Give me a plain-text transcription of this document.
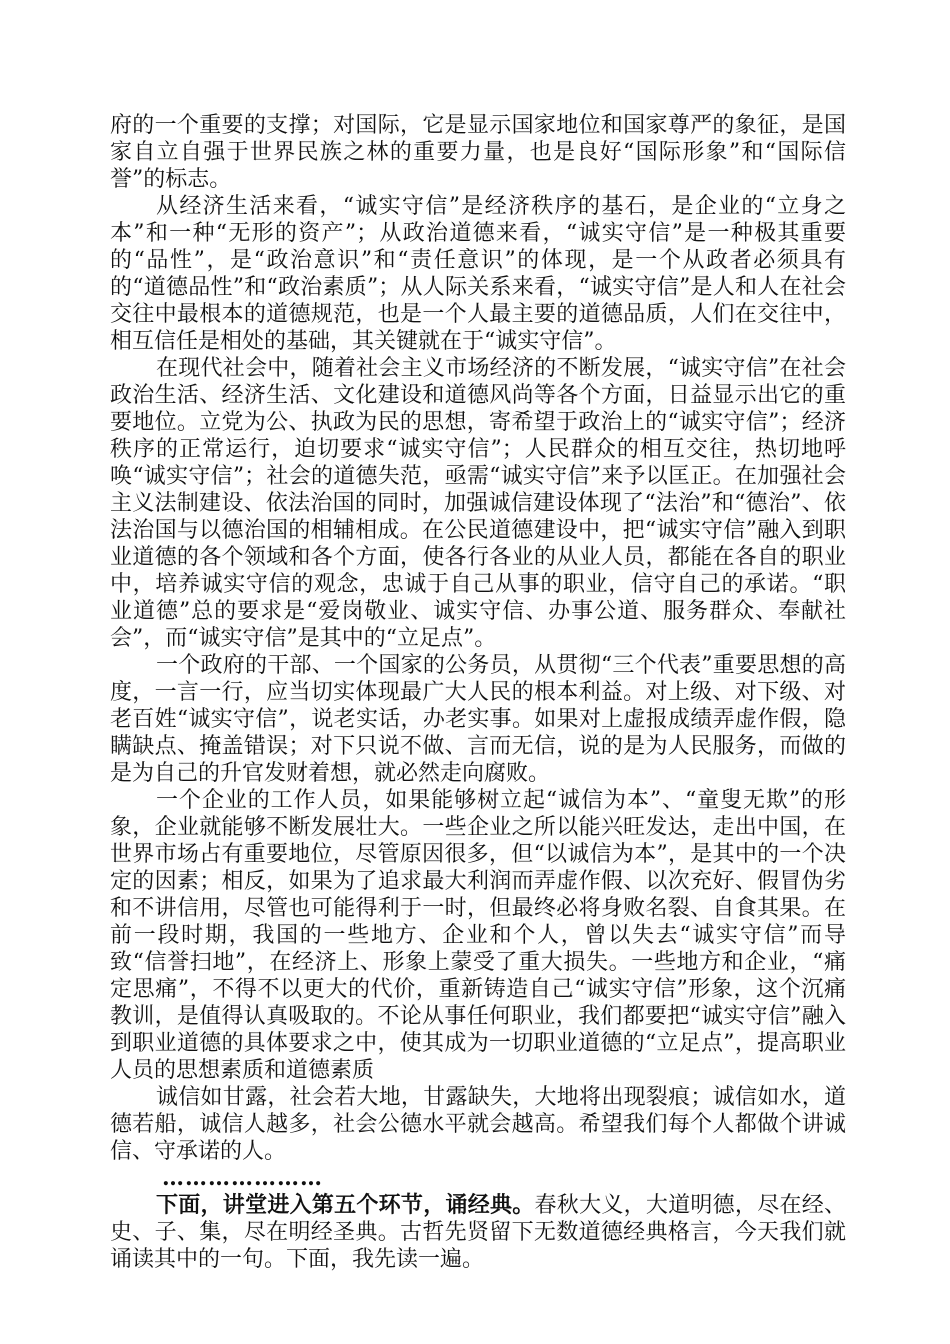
府的一个重要的支撑；对国际，它是显示国家地位和国家尊严的象征，是国家自立自强于世界民族之林的重要力量，也是良好“国际形象”和“国际信誉”的标志。

从经济生活来看，“诚实守信”是经济秩序的基石，是企业的“立身之本”和一种“无形的资产”；从政治道德来看，“诚实守信”是一种极其重要的“品性”，是“政治意识”和“责任意识”的体现，是一个从政者必须具有的“道德品性”和“政治素质”；从人际关系来看，“诚实守信”是人和人在社会交往中最根本的道德规范，也是一个人最主要的道德品质，人们在交往中，相互信任是相处的基础，其关键就在于“诚实守信”。

在现代社会中，随着社会主义市场经济的不断发展，“诚实守信”在社会政治生活、经济生活、文化建设和道德风尚等各个方面，日益显示出它的重要地位。立党为公、执政为民的思想，寄希望于政治上的“诚实守信”；经济秩序的正常运行，迫切要求“诚实守信”；人民群众的相互交往，热切地呼唤“诚实守信”；社会的道德失范，亟需“诚实守信”来予以匡正。在加强社会主义法制建设、依法治国的同时，加强诚信建设体现了“法治”和“德治”、依法治国与以德治国的相辅相成。在公民道德建设中，把“诚实守信”融入到职业道德的各个领域和各个方面，使各行各业的从业人员，都能在各自的职业中，培养诚实守信的观念，忠诚于自己从事的职业，信守自己的承诺。“职业道德”总的要求是“爱岗敬业、诚实守信、办事公道、服务群众、奉献社会”，而“诚实守信”是其中的“立足点”。

一个政府的干部、一个国家的公务员，从贯彻“三个代表”重要思想的高度，一言一行，应当切实体现最广大人民的根本利益。对上级、对下级、对老百姓“诚实守信”，说老实话，办老实事。如果对上虚报成绩弄虚作假，隐瞒缺点、掩盖错误；对下只说不做、言而无信，说的是为人民服务，而做的是为自己的升官发财着想，就必然走向腐败。

一个企业的工作人员，如果能够树立起“诚信为本”、“童叟无欺”的形象，企业就能够不断发展壮大。一些企业之所以能兴旺发达，走出中国，在世界市场占有重要地位，尽管原因很多，但“以诚信为本”，是其中的一个决定的因素；相反，如果为了追求最大利润而弄虚作假、以次充好、假冒伪劣和不讲信用，尽管也可能得利于一时，但最终必将身败名裂、自食其果。在前一段时期，我国的一些地方、企业和个人，曾以失去“诚实守信”而导致“信誉扫地”，在经济上、形象上蒙受了重大损失。一些地方和企业，“痛定思痛”，不得不以更大的代价，重新铸造自己“诚实守信”形象，这个沉痛教训，是值得认真吸取的。不论从事任何职业，我们都要把“诚实守信”融入到职业道德的具体要求之中，使其成为一切职业道德的“立足点”，提高职业人员的思想素质和道德素质

诚信如甘露，社会若大地，甘露缺失，大地将出现裂痕；诚信如水，道德若船，诚信人越多，社会公德水平就会越高。希望我们每个人都做个讲诚信、守承诺的人。

…………………

下面，讲堂进入第五个环节，诵经典。春秋大义，大道明德，尽在经、史、子、集，尽在明经圣典。古哲先贤留下无数道德经典格言，今天我们就诵读其中的一句。下面，我先读一遍。
